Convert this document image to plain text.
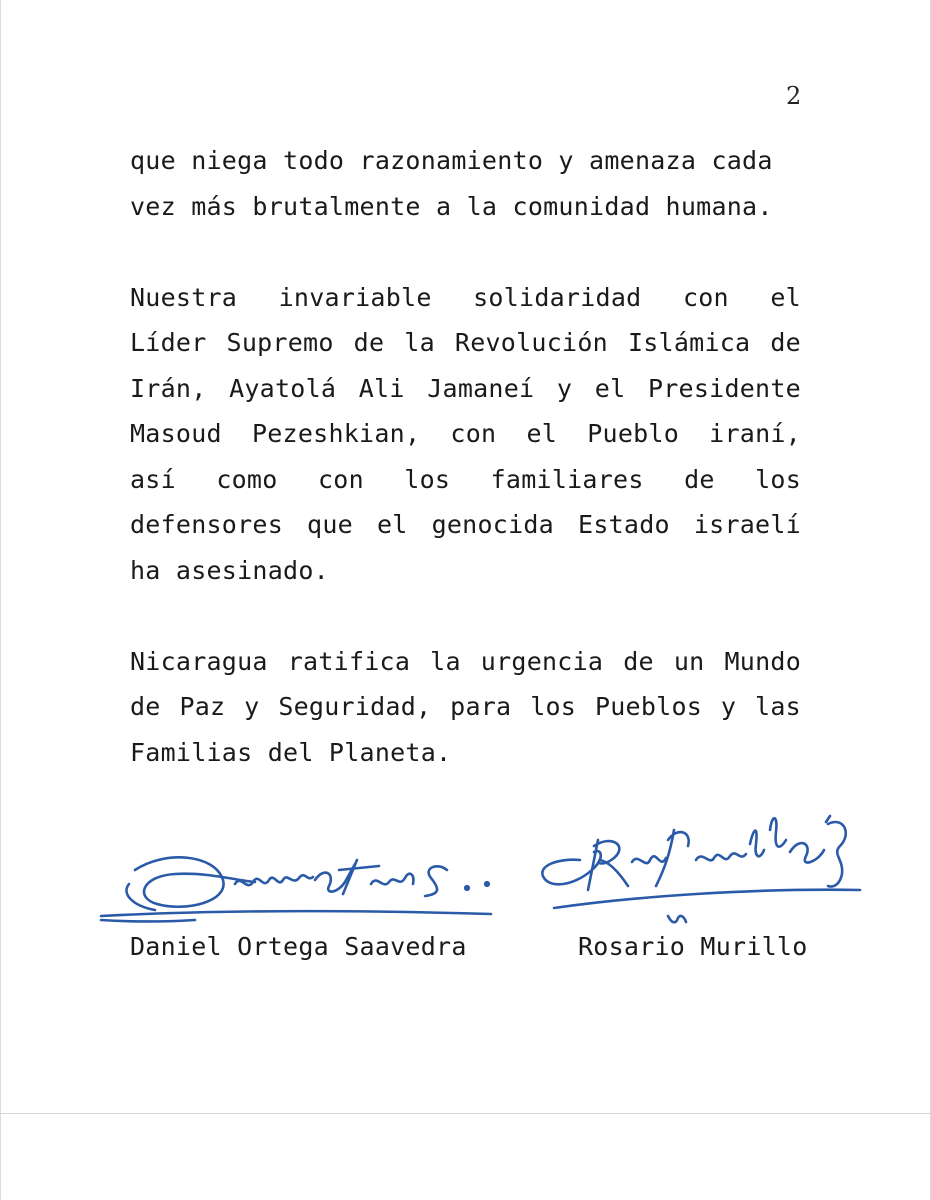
2
que niega todo razonamiento y amenaza cada
vez más brutalmente a la comunidad humana.
Nuestra invariable solidaridad con el
Líder Supremo de la Revolución Islámica de
Irán, Ayatolá Ali Jamaneí y el Presidente
Masoud Pezeshkian, con el Pueblo iraní,
así como con los familiares de los
defensores que el genocida Estado israelí
ha asesinado.
Nicaragua ratifica la urgencia de un Mundo
de Paz y Seguridad, para los Pueblos y las
Familias del Planeta.
Daniel Ortega Saavedra	Rosario Murillo
